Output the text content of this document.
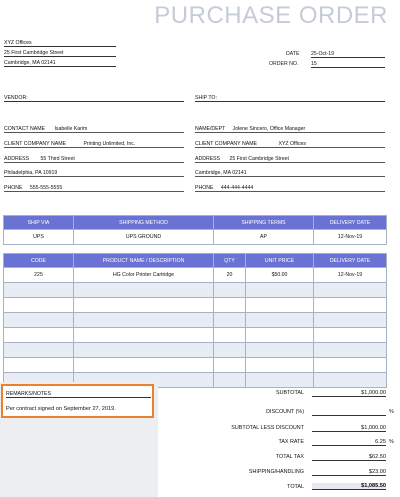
PURCHASE ORDER
XYZ Offices
25 First Cambridge Street
Cambridge, MA 02141
DATE 25-Oct-19
ORDER NO. 15
VENDOR:	SHIP TO:
CONTACT NAME Isabelle Karim
CLIENT COMPANY NAME	Printing Unlimited, Inc.
ADDRESS 55 Third Street
Philadelphia, PA 10919
PHONE 555-555-5555
NAME/DEPT Jolene Sincero, Office Manager
CLIENT COMPANY NAME	XYZ Offices
ADDRESS 25 First Cambridge Street
Cambridge, MA 02141
PHONE 444-444-4444
SHIP VIA	SHIPPING METHOD	SHIPPING TERMS	DELIVERY DATE
UPS	UPS GROUND	AP	12-Nov-19
CODE	PRODUCT NAME / DESCRIPTION	QTY	UNIT PRICE	DELIVERY DATE
225	HG Color Printer Cartridge	20	$50.00	12-Nov-19

REMARKS/NOTES
Per contract signed on September 27, 2019.
SUBTOTAL	$1,000.00
DISCOUNT (%)	%
SUBTOTAL LESS DISCOUNT	$1,000.00
TAX RATE	6.25 %
TOTAL TAX	$62.50
SHIPPING/HANDLING	$23.00
TOTAL	$1,085.50
